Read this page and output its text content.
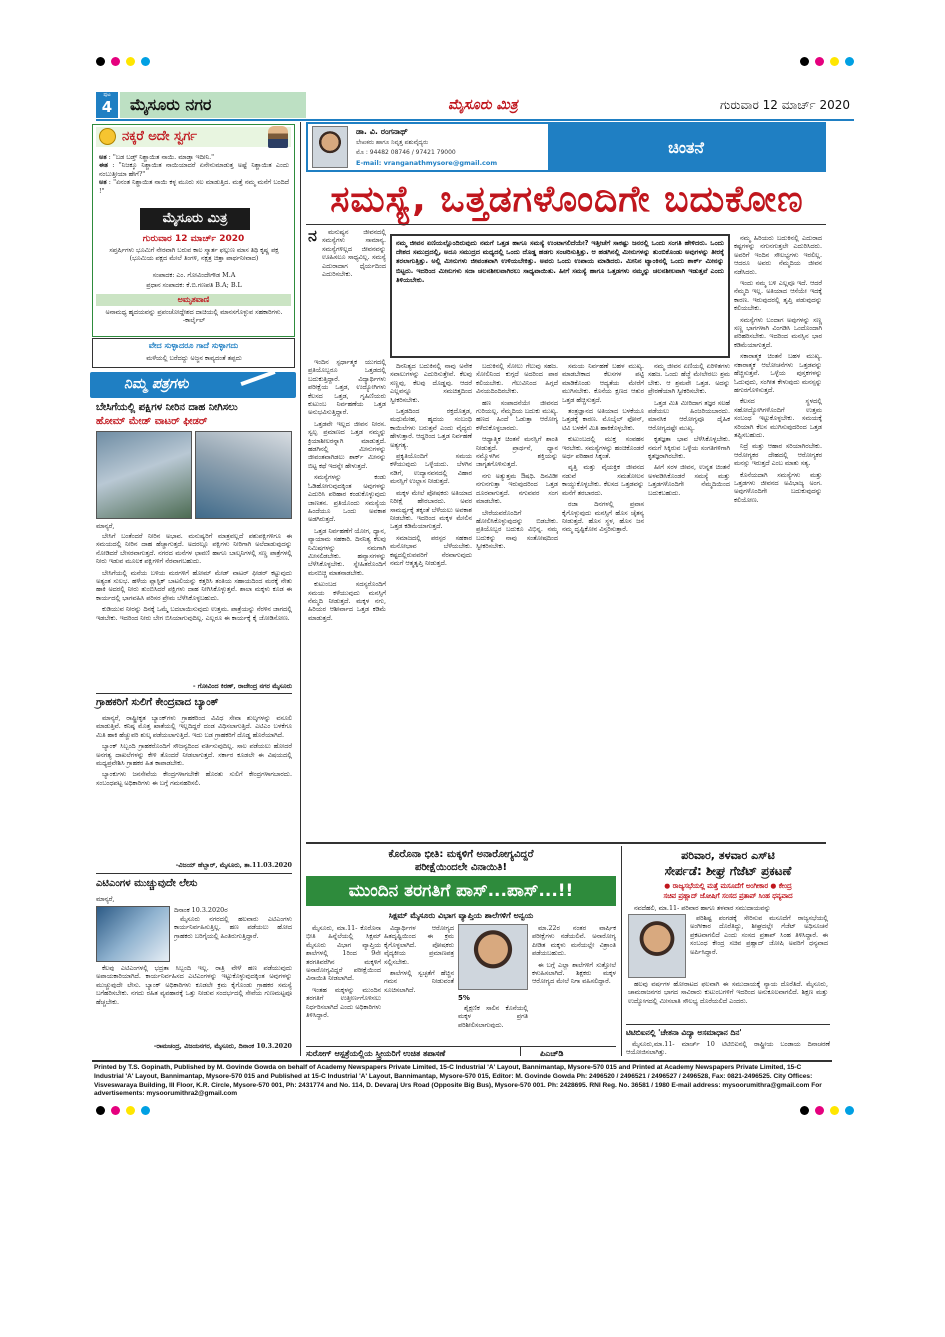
ಪುಟ
4	ಮೈಸೂರು ನಗರ	ಮೈಸೂರು ಮಿತ್ರ	ಗುರುವಾರ 12 ಮಾರ್ಚ್ 2020
ನಕ್ಕರೆ ಅದೇ ಸ್ವರ್ಗ
ಅತ : "ಬಡ ಬಡ್ತ್ ನಿಶ್ಚಾಯಿತ ನಾಯಿ. ಮಾಡ್ತಾ ಇದೀನಿ."
ಈತ : "ನಿಜಕ್ಕೂ ನಿಶ್ಚಾಯಿತ ನಾಯಿಯಾದರೆ ಏನೇನುಮಾಡುತ್ತ ಅಷ್ಟೆ ನಿಶ್ಚಾಯಿತ ಎಂದು ನಂಬುತ್ತೀಯಾ ಹೇಗೆ?"
ಅತ : "ಏನಂತ ನಿಶ್ಚಾಯಿತ ನಾಯಿ ಕಳ್ಳ ಮೂರು ಸಲ ಮಾಡುತ್ತಿದ. ಮತ್ತೆ ನಮ್ಮ ಮನೆಗೆ ಬಂದಿದೆ !"
ಮೈಸೂರು ಮಿತ್ರ
ಗುರುವಾರ 12 ಮಾರ್ಚ್ 2020
ಸಪ್ತರ್ಷಿಗಳು ಭೂಮಿಗೆ ನೇರವಾಗಿ ಬರುವ ಕಾಲ ಸ್ಮಾರ್ತ ಫಲ್ಗುಣ ಮಾಸ ತಿಥಿ ಕೃಷ್ಣ ಪಕ್ಷ
(ಭೂಮಿಯ ಪಕ್ಷದ ಮೇಲೆ ತಿಂಗಳಿ, ನಕ್ಷತ್ರ ಚಿತ್ತಾ ಪಾರ್ಥನೀವಾದ)
ಸಂಪಾದಕ: ಎಂ. ಗೋವಿಂದೇಗೌಡ M.A
ಪ್ರಧಾನ ಸಂಪಾದಕ: ಕೆ.ಬಿ.ಗಣಪತಿ B.A; B.L
ಅಮೃತವಾಣಿ
ಅನಾಮಧ್ಯ ಹೃದಯವನ್ನು ಪ್ರಪಂಚೋದ್ದೇಶದ ದಾಚಿಯಲ್ಲಿ ಮಾನಸಗೊಳ್ಳುವ ಸಹಕಾರಿಗಳು. -ಕಾರ್ಲೈಲ್
ವೇದ ಸುಳ್ಳಾದರೂ ಗಾದೆ ಸುಳ್ಳಾಗದು
ಮಳೆಯಲ್ಲಿ ಬರೆದದ್ದು ಅಜ್ಜನ ಕಾವ್ಯದಂತೆ ತಪ್ಪದು
ನಿಮ್ಮ ಪತ್ರಗಳು
ಬೇಸಿಗೆಯಲ್ಲಿ ಪಕ್ಷಿಗಳ ನೀರಿನ ದಾಹ ನೀಗಿಸಲು
ಹೋಮ್ ಮೇಡ್ ವಾಟರ್ ಫೀಡರ್
ಮಾನ್ಯರೆ,

ಬೇಸಿಗೆ ಬಂತೆಂದರೆ ನೀರಿನ ಅಭಾವ. ಮನುಷ್ಯರಿಗೆ ಮಾತ್ರವಲ್ಲದೆ ಪಶುಪಕ್ಷಿಗಳಿಗೂ ಈ ಸಮಯದಲ್ಲಿ ನೀರಿನ ದಾಹ ಹೆಚ್ಚಾಗುತ್ತದೆ. ಅದರಲ್ಲೂ ಪಕ್ಷಿಗಳು ನೀರಿಗಾಗಿ ಅಲೆದಾಡುವುದನ್ನು ನೋಡಿದರೆ ಬೇಸರವಾಗುತ್ತದೆ. ನಗರದ ಮನೆಗಳ ಛಾವಣಿ ಹಾಗೂ ಬಾಲ್ಕನಿಗಳಲ್ಲಿ ಸಣ್ಣ ಪಾತ್ರೆಗಳಲ್ಲಿ ನೀರು ಇಡುವ ಮೂಲಕ ಪಕ್ಷಿಗಳಿಗೆ ನೆರವಾಗಬಹುದು.

ಬೇಸಿಗೆಯಲ್ಲಿ ಮನೆಯ ಬಳಿಯ ಮರಗಳಿಗೆ ಹೋಮ್ ಮೇಡ್ ವಾಟರ್ ಫೀಡರ್ ಕಟ್ಟುವುದು ಅತ್ಯಂತ ಸುಲಭ. ಹಳೆಯ ಪ್ಲಾಸ್ಟಿಕ್ ಬಾಟಲಿಯನ್ನು ಕತ್ತರಿಸಿ ತಂತಿಯ ಸಹಾಯದಿಂದ ಮರಕ್ಕೆ ನೇತು ಹಾಕಿ ಅದರಲ್ಲಿ ನೀರು ತುಂಬಿಸಿದರೆ ಪಕ್ಷಿಗಳು ದಾಹ ನೀಗಿಸಿಕೊಳ್ಳುತ್ತವೆ. ಶಾಲಾ ಮಕ್ಕಳು ಕೂಡ ಈ ಕಾರ್ಯದಲ್ಲಿ ಭಾಗವಹಿಸಿ ಪರಿಸರ ಪ್ರೇಮ ಬೆಳೆಸಿಕೊಳ್ಳಬಹುದು.

ಕುಡಿಯುವ ನೀರನ್ನು ದಿನಕ್ಕೆ ಒಮ್ಮೆ ಬದಲಾಯಿಸುವುದು ಉತ್ತಮ. ಪಾತ್ರೆಯನ್ನು ನೆರಳಿನ ಜಾಗದಲ್ಲಿ ಇಡಬೇಕು. ಇದರಿಂದ ನೀರು ಬೇಗ ಬಿಸಿಯಾಗುವುದಿಲ್ಲ. ಎಲ್ಲರೂ ಈ ಕಾರ್ಯಕ್ಕೆ ಕೈ ಜೋಡಿಸೋಣ.

- ಗೋವಿಂದ ಕಿರಣ್, ರಾಜೇಂದ್ರ ನಗರ ಮೈಸೂರು
ಗ್ರಾಹಕರಿಗೆ ಸುಲಿಗೆ ಕೇಂದ್ರವಾದ ಬ್ಯಾಂಕ್

ಮಾನ್ಯರೆ, ರಾಷ್ಟ್ರೀಕೃತ ಬ್ಯಾಂಕ್‌ಗಳು ಗ್ರಾಹಕರಿಂದ ವಿವಿಧ ಸೇವಾ ಶುಲ್ಕಗಳನ್ನು ವಸೂಲಿ ಮಾಡುತ್ತಿವೆ. ಕನಿಷ್ಠ ಮೊತ್ತ ಖಾತೆಯಲ್ಲಿ ಇಲ್ಲದಿದ್ದರೆ ದಂಡ ವಿಧಿಸಲಾಗುತ್ತಿದೆ. ಎಟಿಎಂ ಬಳಕೆಗೂ ಮಿತಿ ಹಾಕಿ ಹೆಚ್ಚುವರಿ ಶುಲ್ಕ ಪಡೆಯಲಾಗುತ್ತಿದೆ. ಇದು ಬಡ ಗ್ರಾಹಕರಿಗೆ ದೊಡ್ಡ ಹೊರೆಯಾಗಿದೆ.

ಬ್ಯಾಂಕ್ ಸಿಬ್ಬಂದಿ ಗ್ರಾಹಕರೊಂದಿಗೆ ಸೌಜನ್ಯದಿಂದ ವರ್ತಿಸುವುದಿಲ್ಲ. ಸಾಲ ಪಡೆಯಲು ಹೋದರೆ ಅನಗತ್ಯ ದಾಖಲೆಗಳನ್ನು ಕೇಳಿ ತೊಂದರೆ ನೀಡಲಾಗುತ್ತದೆ. ಸರ್ಕಾರ ಕೂಡಲೇ ಈ ವಿಷಯದಲ್ಲಿ ಮಧ್ಯಪ್ರವೇಶಿಸಿ ಗ್ರಾಹಕರ ಹಿತ ಕಾಪಾಡಬೇಕು.

ಬ್ಯಾಂಕುಗಳು ಜನಸೇವೆಯ ಕೇಂದ್ರಗಳಾಗಬೇಕೇ ಹೊರತು ಸುಲಿಗೆ ಕೇಂದ್ರಗಳಾಗಬಾರದು. ಸಂಬಂಧಪಟ್ಟ ಅಧಿಕಾರಿಗಳು ಈ ಬಗ್ಗೆ ಗಮನಹರಿಸಲಿ.

-ವಿಜಯ್ ಹೆಬ್ಬಾರ್, ಮೈಸೂರು, ತಾ.11.03.2020
ಎಟಿಎಂಗಳ ಮುಚ್ಚುವುದೇ ಲೇಸು
ಮಾನ್ಯರೆ,
ದಿನಾಂಕ 10.3.2020ರ

ಮೈಸೂರು ನಗರದಲ್ಲಿ ಹಲವಾರು ಎಟಿಎಂಗಳು ಕಾರ್ಯನಿರ್ವಹಿಸುತ್ತಿಲ್ಲ. ಹಣ ಪಡೆಯಲು ಹೋದ ಗ್ರಾಹಕರು ಬರಿಗೈಯಲ್ಲಿ ಹಿಂತಿರುಗುತ್ತಿದ್ದಾರೆ.

ಕೆಲವು ಎಟಿಎಂಗಳಲ್ಲಿ ಭದ್ರತಾ ಸಿಬ್ಬಂದಿ ಇಲ್ಲ. ರಾತ್ರಿ ವೇಳೆ ಹಣ ಪಡೆಯುವುದು ಅಪಾಯಕಾರಿಯಾಗಿದೆ. ಕಾರ್ಯನಿರ್ವಹಿಸದ ಎಟಿಎಂಗಳನ್ನು ಇಟ್ಟುಕೊಳ್ಳುವುದಕ್ಕಿಂತ ಅವುಗಳನ್ನು ಮುಚ್ಚುವುದೇ ಲೇಸು. ಬ್ಯಾಂಕ್ ಅಧಿಕಾರಿಗಳು ಕೂಡಲೇ ಕ್ರಮ ಕೈಗೊಂಡು ಗ್ರಾಹಕರ ಸಮಸ್ಯೆ ಬಗೆಹರಿಸಬೇಕು. ನಗದು ರಹಿತ ವ್ಯವಹಾರಕ್ಕೆ ಒತ್ತು ನೀಡುವ ಸಂದರ್ಭದಲ್ಲಿ ಸೇವೆಯ ಗುಣಮಟ್ಟವೂ ಹೆಚ್ಚಬೇಕು.

-ರಾಮಚಂದ್ರ, ವಿಜಯನಗರ, ಮೈಸೂರು, ದಿನಾಂಕ 10.3.2020
ಡಾ. ವಿ. ರಂಗನಾಥ್
ಲೇಖಕರು ಹಾಗೂ ನಿವೃತ್ತ ಪಶುವೈದ್ಯರು
ಮೊ : 94482 08746 / 97421 79000
E-mail: vranganathmysore@gmail.com
ಚಿಂತನೆ
ಸಮಸ್ಯೆ, ಒತ್ತಡಗಳೊಂದಿಗೇ ಬದುಕೋಣ
ನ	ಮನುಷ್ಯನ ಜೀವನದಲ್ಲಿ ಸಮಸ್ಯೆಗಳು ಸಾಮಾನ್ಯ. ಸಮಸ್ಯೆಗಳಿಲ್ಲದ ಜೀವನವನ್ನು ಊಹಿಸಲೂ ಸಾಧ್ಯವಿಲ್ಲ. ಸಮಸ್ಯೆ ಎದುರಾದಾಗ ಧೈರ್ಯದಿಂದ ಎದುರಿಸಬೇಕು.

ಇಂದಿನ ಸ್ಪರ್ಧಾತ್ಮಕ ಯುಗದಲ್ಲಿ ಪ್ರತಿಯೊಬ್ಬರೂ ಒತ್ತಡದಲ್ಲಿ ಬದುಕುತ್ತಿದ್ದಾರೆ. ವಿದ್ಯಾರ್ಥಿಗಳು ಪರೀಕ್ಷೆಯ ಒತ್ತಡ, ಉದ್ಯೋಗಿಗಳು ಕೆಲಸದ ಒತ್ತಡ, ಗೃಹಿಣಿಯರು ಕುಟುಂಬ ನಿರ್ವಹಣೆಯ ಒತ್ತಡ ಅನುಭವಿಸುತ್ತಿದ್ದಾರೆ.

ಒತ್ತಡವೇ ಇಲ್ಲದ ಜೀವನ ನೀರಸ. ಸ್ವಲ್ಪ ಪ್ರಮಾಣದ ಒತ್ತಡ ನಮ್ಮನ್ನು ಕ್ರಿಯಾಶೀಲರನ್ನಾಗಿ ಮಾಡುತ್ತದೆ. ಹಡಗಿನಲ್ಲಿ ಮೀನುಗಳನ್ನು ಜೀವಂತವಾಗಿಡಲು ಶಾರ್ಕ್ ಮೀನನ್ನು ಬಿಟ್ಟ ಕಥೆ ಇದನ್ನೇ ಹೇಳುತ್ತದೆ.

ಸಮಸ್ಯೆಗಳನ್ನು ಕಂಡು ಓಡಿಹೋಗುವುದಕ್ಕಿಂತ ಅವುಗಳನ್ನು ಎದುರಿಸಿ ಪರಿಹಾರ ಕಂಡುಕೊಳ್ಳುವುದು ಜಾಣತನ. ಪ್ರತಿಯೊಂದು ಸಮಸ್ಯೆಯ ಹಿಂದೆಯೂ ಒಂದು ಅವಕಾಶ ಅಡಗಿರುತ್ತದೆ.

ಒತ್ತಡ ನಿರ್ವಹಣೆಗೆ ಯೋಗ, ಧ್ಯಾನ, ವ್ಯಾಯಾಮ ಸಹಕಾರಿ. ದಿನನಿತ್ಯ ಕೆಲವು ನಿಮಿಷಗಳನ್ನು ನಮಗಾಗಿ ಮೀಸಲಿಡಬೇಕು. ಹವ್ಯಾಸಗಳನ್ನು ಬೆಳೆಸಿಕೊಳ್ಳಬೇಕು. ಸ್ನೇಹಿತರೊಂದಿಗೆ ಮನಬಿಚ್ಚಿ ಮಾತನಾಡಬೇಕು.

ಕುಟುಂಬದ ಸದಸ್ಯರೊಂದಿಗೆ ಸಮಯ ಕಳೆಯುವುದು ಮನಸ್ಸಿಗೆ ನೆಮ್ಮದಿ ನೀಡುತ್ತದೆ. ಮಕ್ಕಳ ನಗು, ಹಿರಿಯರ ಆಶೀರ್ವಾದ ಒತ್ತಡ ಕಡಿಮೆ ಮಾಡುತ್ತದೆ.

ನಮ್ಮ ಜೀವನ ಏಣಿಯಲ್ಲೊಂದಿರುವುದು ನಮಗೆ ಒತ್ತಡ ಹಾಗೂ ಸಮಸ್ಯೆ ಉಂಟಾಗಲಿದೆಯೇ? ಇತ್ತೀಚೆಗೆ ಸಾಕಷ್ಟು ಜನರಲ್ಲಿ ಒಂದು ಸಂಗತಿ ಹೇಳಿದರು. ಒಂದು ದೇಶದ ಸಮುದ್ರದಲ್ಲಿ, ಅದೂ ಸಮುದ್ರದ ಮಧ್ಯದಲ್ಲಿ ಒಂದು ದೊಡ್ಡ ಹಡಗು ಸಂಚರಿಸುತ್ತಿತ್ತು. ಆ ಹಡಗಿನಲ್ಲಿ ಮೀನುಗಳನ್ನು ತುಂಬಿಕೊಂಡು ಅವುಗಳನ್ನು ತೀರಕ್ಕೆ ತರಲಾಗುತ್ತಿತ್ತು. ಅಲ್ಲಿ ಮೀನುಗಳು ಜೀವಂತವಾಗಿ ಉಳಿಯಬೇಕಿತ್ತು. ಅವರು ಒಂದು ಉಪಾಯ ಮಾಡಿದರು. ಮೀನಿನ ಟ್ಯಾಂಕಿನಲ್ಲಿ ಒಂದು ಶಾರ್ಕ್ ಮೀನನ್ನು ಬಿಟ್ಟರು. ಇದರಿಂದ ಮೀನುಗಳು ಸದಾ ಚಲನಶೀಲವಾಗಿರಲು ಸಾಧ್ಯವಾಯಿತು. ಹೀಗೆ ಸಮಸ್ಯೆ ಹಾಗೂ ಒತ್ತಡಗಳು ನಮ್ಮನ್ನು ಚಲನಶೀಲವಾಗಿ ಇಡುತ್ತವೆ ಎಂದು ತಿಳಿಯಬೇಕು.

ನಮ್ಮ ಹಿರಿಯರು ಬದುಕಿನಲ್ಲಿ ಎದುರಾದ ಕಷ್ಟಗಳನ್ನು ನಗುನಗುತ್ತಲೇ ಎದುರಿಸಿದರು. ಅವರಿಗೆ ಇಂದಿನ ಸೌಲಭ್ಯಗಳು ಇರಲಿಲ್ಲ. ಆದರೂ ಅವರು ನೆಮ್ಮದಿಯ ಜೀವನ ನಡೆಸಿದರು.

ಇಂದು ನಮ್ಮ ಬಳಿ ಎಲ್ಲವೂ ಇದೆ. ಆದರೆ ನೆಮ್ಮದಿ ಇಲ್ಲ. ಅತಿಯಾದ ಆಸೆಯೇ ಇದಕ್ಕೆ ಕಾರಣ. ಇರುವುದರಲ್ಲಿ ತೃಪ್ತಿ ಪಡುವುದನ್ನು ಕಲಿಯಬೇಕು.

ಸಮಸ್ಯೆಗಳು ಬಂದಾಗ ಅವುಗಳನ್ನು ಸಣ್ಣ ಸಣ್ಣ ಭಾಗಗಳಾಗಿ ವಿಂಗಡಿಸಿ ಒಂದೊಂದಾಗಿ ಪರಿಹರಿಸಬೇಕು. ಇದರಿಂದ ಮನಸ್ಸಿನ ಭಾರ ಕಡಿಮೆಯಾಗುತ್ತದೆ.

ಸಕಾರಾತ್ಮಕ ಚಿಂತನೆ ಬಹಳ ಮುಖ್ಯ. ನಕಾರಾತ್ಮಕ ಆಲೋಚನೆಗಳು ಒತ್ತಡವನ್ನು ಹೆಚ್ಚಿಸುತ್ತವೆ. ಒಳ್ಳೆಯ ಪುಸ್ತಕಗಳನ್ನು ಓದುವುದು, ಸಂಗೀತ ಕೇಳುವುದು ಮನಸ್ಸನ್ನು ಹಗುರಗೊಳಿಸುತ್ತದೆ.

ಕೆಲಸದ ಸ್ಥಳದಲ್ಲಿ ಸಹೋದ್ಯೋಗಿಗಳೊಂದಿಗೆ ಉತ್ತಮ ಸಂಬಂಧ ಇಟ್ಟುಕೊಳ್ಳಬೇಕು. ಸಮಯಕ್ಕೆ ಸರಿಯಾಗಿ ಕೆಲಸ ಮುಗಿಸುವುದರಿಂದ ಒತ್ತಡ ತಪ್ಪಿಸಬಹುದು.

ನಿದ್ರೆ ಮತ್ತು ಆಹಾರ ಸರಿಯಾಗಿರಬೇಕು. ಆರೋಗ್ಯಕರ ದೇಹದಲ್ಲಿ ಆರೋಗ್ಯಕರ ಮನಸ್ಸು ಇರುತ್ತದೆ ಎಂಬ ಮಾತು ಸತ್ಯ.

ಕೊನೆಯದಾಗಿ ಸಮಸ್ಯೆಗಳು ಮತ್ತು ಒತ್ತಡಗಳು ಜೀವನದ ಅವಿಭಾಜ್ಯ ಅಂಗ. ಅವುಗಳೊಂದಿಗೇ ಬದುಕುವುದನ್ನು ಕಲಿಯೋಣ.

ದಿನನಿತ್ಯದ ಬದುಕಿನಲ್ಲಿ ನಾವು ಅನೇಕ ಸವಾಲುಗಳನ್ನು ಎದುರಿಸುತ್ತೇವೆ. ಕೆಲವು ಸಣ್ಣವು, ಕೆಲವು ದೊಡ್ಡವು. ಆದರೆ ಎಲ್ಲವನ್ನೂ ಸಮಚಿತ್ತದಿಂದ ಸ್ವೀಕರಿಸಬೇಕು.

ಒತ್ತಡದಿಂದ ರಕ್ತದೊತ್ತಡ, ಮಧುಮೇಹ, ಹೃದಯ ಸಂಬಂಧಿ ಕಾಯಿಲೆಗಳು ಬರುತ್ತವೆ ಎಂದು ವೈದ್ಯರು ಹೇಳುತ್ತಾರೆ. ಆದ್ದರಿಂದ ಒತ್ತಡ ನಿರ್ವಹಣೆ ಅತ್ಯಗತ್ಯ.

ಪ್ರಕೃತಿಯೊಂದಿಗೆ ಸಮಯ ಕಳೆಯುವುದು ಒಳ್ಳೆಯದು. ಬೆಳಗಿನ ನಡಿಗೆ, ಉದ್ಯಾನವನದಲ್ಲಿ ವಿಹಾರ ಮನಸ್ಸಿಗೆ ಉಲ್ಲಾಸ ನೀಡುತ್ತದೆ.

ಮಕ್ಕಳ ಮೇಲೆ ಪೋಷಕರು ಅತಿಯಾದ ನಿರೀಕ್ಷೆ ಹೇರಬಾರದು. ಅವರ ಸಾಮರ್ಥ್ಯಕ್ಕೆ ತಕ್ಕಂತೆ ಬೆಳೆಯಲು ಅವಕಾಶ ನೀಡಬೇಕು. ಇದರಿಂದ ಮಕ್ಕಳ ಮೇಲಿನ ಒತ್ತಡ ಕಡಿಮೆಯಾಗುತ್ತದೆ.

ಸಮಾಜದಲ್ಲಿ ಪರಸ್ಪರ ಸಹಕಾರ ಮನೋಭಾವ ಬೆಳೆಯಬೇಕು. ಕಷ್ಟದಲ್ಲಿರುವವರಿಗೆ ನೆರವಾಗುವುದು ನಮಗೆ ಆತ್ಮತೃಪ್ತಿ ನೀಡುತ್ತದೆ.

ಬದುಕಿನಲ್ಲಿ ಸೋಲು ಗೆಲುವು ಸಹಜ. ಸೋಲಿನಿಂದ ಕುಗ್ಗದೆ ಅದರಿಂದ ಪಾಠ ಕಲಿಯಬೇಕು. ಗೆಲುವಿನಿಂದ ಹಿಗ್ಗದೆ ವಿನಯದಿಂದಿರಬೇಕು.

ಹಣ ಸಂಪಾದನೆಯೇ ಜೀವನದ ಗುರಿಯಲ್ಲ. ನೆಮ್ಮದಿಯ ಬದುಕು ಮುಖ್ಯ. ಹಣದ ಹಿಂದೆ ಓಡುತ್ತಾ ಆರೋಗ್ಯ ಕಳೆದುಕೊಳ್ಳಬಾರದು.

ಆಧ್ಯಾತ್ಮಿಕ ಚಿಂತನೆ ಮನಸ್ಸಿಗೆ ಶಾಂತಿ ನೀಡುತ್ತದೆ. ಪ್ರಾರ್ಥನೆ, ಧ್ಯಾನ ನಮ್ಮೊಳಗಿನ ಶಕ್ತಿಯನ್ನು ಜಾಗೃತಗೊಳಿಸುತ್ತದೆ.

ನಗು ಅತ್ಯುತ್ತಮ ಔಷಧಿ. ದಿನವಿಡೀ ನಗುನಗುತ್ತಾ ಇರುವುದರಿಂದ ಒತ್ತಡ ದೂರವಾಗುತ್ತದೆ. ನಗುವವರ ಸಂಗ ಮಾಡಬೇಕು.

ಬೇರೆಯವರೊಂದಿಗೆ ಹೋಲಿಸಿಕೊಳ್ಳುವುದನ್ನು ಬಿಡಬೇಕು. ಪ್ರತಿಯೊಬ್ಬರ ಬದುಕೂ ವಿಭಿನ್ನ. ನಮ್ಮ ಬದುಕನ್ನು ನಾವು ಸಂತೋಷದಿಂದ ಸ್ವೀಕರಿಸಬೇಕು.

ಸಮಯ ನಿರ್ವಹಣೆ ಬಹಳ ಮುಖ್ಯ. ಮಾಡಬೇಕಾದ ಕೆಲಸಗಳ ಪಟ್ಟಿ ಮಾಡಿಕೊಂಡು ಆದ್ಯತೆಯ ಮೇರೆಗೆ ಮುಗಿಸಬೇಕು. ಕೊನೆಯ ಕ್ಷಣದ ಆತುರ ಒತ್ತಡ ಹೆಚ್ಚಿಸುತ್ತದೆ.

ತಂತ್ರಜ್ಞಾನದ ಅತಿಯಾದ ಬಳಕೆಯೂ ಒತ್ತಡಕ್ಕೆ ಕಾರಣ. ಮೊಬೈಲ್ ಫೋನ್, ಟಿವಿ ಬಳಕೆಗೆ ಮಿತಿ ಹಾಕಿಕೊಳ್ಳಬೇಕು.

ಕುಟುಂಬದಲ್ಲಿ ಮುಕ್ತ ಸಂವಹನ ಇರಬೇಕು. ಸಮಸ್ಯೆಗಳನ್ನು ಹಂಚಿಕೊಂಡರೆ ಅರ್ಧ ಪರಿಹಾರ ಸಿಕ್ಕಂತೆ.

ವೃತ್ತಿ ಮತ್ತು ವೈಯಕ್ತಿಕ ಜೀವನದ ನಡುವೆ ಸಮತೋಲನ ಕಾಯ್ದುಕೊಳ್ಳಬೇಕು. ಕೆಲಸದ ಒತ್ತಡವನ್ನು ಮನೆಗೆ ತರಬಾರದು.

ರಜಾ ದಿನಗಳಲ್ಲಿ ಪ್ರವಾಸ ಕೈಗೊಳ್ಳುವುದು ಮನಸ್ಸಿಗೆ ಹೊಸ ಚೈತನ್ಯ ನೀಡುತ್ತದೆ. ಹೊಸ ಸ್ಥಳ, ಹೊಸ ಜನ ನಮ್ಮ ದೃಷ್ಟಿಕೋನ ವಿಸ್ತರಿಸುತ್ತಾರೆ.

ನಮ್ಮ ಜೀವನ ಏಣಿಯಲ್ಲಿ ಏರಿಳಿತಗಳು ಸಹಜ. ಒಂದು ಹೆಜ್ಜೆ ಮೇಲೇರಲು ಶ್ರಮ ಬೇಕು. ಆ ಶ್ರಮವೇ ಒತ್ತಡ. ಅದನ್ನು ಪ್ರೇರಣೆಯಾಗಿ ಸ್ವೀಕರಿಸಬೇಕು.

ಒತ್ತಡ ಮಿತಿ ಮೀರಿದಾಗ ತಜ್ಞರ ಸಲಹೆ ಪಡೆಯಲು ಹಿಂಜರಿಯಬಾರದು. ಮಾನಸಿಕ ಆರೋಗ್ಯವೂ ದೈಹಿಕ ಆರೋಗ್ಯದಷ್ಟೇ ಮುಖ್ಯ.

ಕೃತಜ್ಞತಾ ಭಾವ ಬೆಳೆಸಿಕೊಳ್ಳಬೇಕು. ನಮಗೆ ಸಿಕ್ಕಿರುವ ಒಳ್ಳೆಯ ಸಂಗತಿಗಳಿಗಾಗಿ ಕೃತಜ್ಞರಾಗಿರಬೇಕು.

ಹೀಗೆ ಸರಳ ಜೀವನ, ಉನ್ನತ ಚಿಂತನೆ ಅಳವಡಿಸಿಕೊಂಡರೆ ಸಮಸ್ಯೆ ಮತ್ತು ಒತ್ತಡಗಳೊಂದಿಗೇ ನೆಮ್ಮದಿಯಿಂದ ಬದುಕಬಹುದು.

ಕೊರೊನಾ ಭೀತಿ: ಮಕ್ಕಳಿಗೆ ಅನಾರೋಗ್ಯವಿದ್ದರೆ
ಪರೀಕ್ಷೆಯಿಂದಲೇ ವಿನಾಯಿತಿ!
ಮುಂದಿನ ತರಗತಿಗೆ ಪಾಸ್...ಪಾಸ್...!!
ಸಿಕ್ಷಮ್ ಮೈಸೂರು ವಿಭಾಗ ವ್ಯಾಪ್ತಿಯ ಶಾಲೆಗಳಿಗೆ ಅನ್ವಯ

ಮೈಸೂರು, ಮಾ.11- ಕೊರೊನಾ ಭೀತಿ ಹಿನ್ನೆಲೆಯಲ್ಲಿ ಸಿಕ್ಷಮ್ ಮೈಸೂರು ವಿಭಾಗ ವ್ಯಾಪ್ತಿಯ ಶಾಲೆಗಳಲ್ಲಿ 1ರಿಂದ 9ನೇ ತರಗತಿವರೆಗಿನ ಮಕ್ಕಳಿಗೆ ಅನಾರೋಗ್ಯವಿದ್ದರೆ ಪರೀಕ್ಷೆಯಿಂದ ವಿನಾಯಿತಿ ನೀಡಲಾಗಿದೆ.

ಇಂತಹ ಮಕ್ಕಳನ್ನು ಮುಂದಿನ ತರಗತಿಗೆ ಉತ್ತೀರ್ಣಗೊಳಿಸಲು ನಿರ್ಧರಿಸಲಾಗಿದೆ ಎಂದು ಅಧಿಕಾರಿಗಳು ತಿಳಿಸಿದ್ದಾರೆ.

ವಿದ್ಯಾರ್ಥಿಗಳ ಆರೋಗ್ಯದ ಹಿತದೃಷ್ಟಿಯಿಂದ ಈ ಕ್ರಮ ಕೈಗೊಳ್ಳಲಾಗಿದೆ. ಪೋಷಕರು ವೈದ್ಯಕೀಯ ಪ್ರಮಾಣಪತ್ರ ಸಲ್ಲಿಸಬೇಕು.

ಶಾಲೆಗಳಲ್ಲಿ ಸ್ವಚ್ಛತೆಗೆ ಹೆಚ್ಚಿನ ಗಮನ ನೀಡುವಂತೆ ಸೂಚಿಸಲಾಗಿದೆ.

5%

ಶೈಕ್ಷಣಿಕ ಸಾಲಿನ ಕೊನೆಯಲ್ಲಿ ಮಕ್ಕಳ ಪ್ರಗತಿ ಪರಿಶೀಲಿಸಲಾಗುವುದು.

ಮಾ.22ರ ನಂತರ ವಾರ್ಷಿಕ ಪರೀಕ್ಷೆಗಳು ನಡೆಯಲಿವೆ. ಅನಾರೋಗ್ಯ ಪೀಡಿತ ಮಕ್ಕಳು ಮನೆಯಲ್ಲೇ ವಿಶ್ರಾಂತಿ ಪಡೆಯಬಹುದು.

ಈ ಬಗ್ಗೆ ಎಲ್ಲಾ ಶಾಲೆಗಳಿಗೆ ಸುತ್ತೋಲೆ ಕಳುಹಿಸಲಾಗಿದೆ. ಶಿಕ್ಷಕರು ಮಕ್ಕಳ ಆರೋಗ್ಯದ ಮೇಲೆ ನಿಗಾ ವಹಿಸಲಿದ್ದಾರೆ.

ಸುರೋಗ್ ಆಸ್ಪತ್ರೆಯಲ್ಲಿಯ ಸ್ತ್ರೀಯರಿಗೆ ಉಚಿತ ತಪಾಸಣೆ	ಪಿಎಚ್‌ಡಿ
ಪರಿವಾರ, ತಳವಾರ ಎಸ್‌ಟಿ
ಸೇರ್ಪಡೆ: ಶೀಘ್ರ ಗೆಜೆಟ್ ಪ್ರಕಟಣೆ
● ರಾಜ್ಯಸಭೆಯಲ್ಲಿ ಮತ್ತೆ ಮಸೂದೆಗೆ ಅಂಗೀಕಾರ ● ಕೇಂದ್ರ
ಸಚಿವ ಪ್ರಹ್ಲಾದ್ ಜೋಷಿಗೆ ಸಂಸದ ಪ್ರತಾಪ್ ಸಿಂಹ ಧನ್ಯವಾದ

ನವದೆಹಲಿ, ಮಾ.11- ಪರಿವಾರ ಹಾಗೂ ತಳವಾರ ಸಮುದಾಯವನ್ನು

ಪರಿಶಿಷ್ಟ ಪಂಗಡಕ್ಕೆ ಸೇರಿಸುವ ಮಸೂದೆಗೆ ರಾಜ್ಯಸಭೆಯಲ್ಲಿ ಅಂಗೀಕಾರ ದೊರೆತಿದ್ದು, ಶೀಘ್ರದಲ್ಲೇ ಗೆಜೆಟ್ ಅಧಿಸೂಚನೆ ಪ್ರಕಟವಾಗಲಿದೆ ಎಂದು ಸಂಸದ ಪ್ರತಾಪ್ ಸಿಂಹ ತಿಳಿಸಿದ್ದಾರೆ. ಈ ಸಂಬಂಧ ಕೇಂದ್ರ ಸಚಿವ ಪ್ರಹ್ಲಾದ್ ಜೋಷಿ ಅವರಿಗೆ ಧನ್ಯವಾದ ಅರ್ಪಿಸಿದ್ದಾರೆ.

ಹಲವು ವರ್ಷಗಳ ಹೋರಾಟದ ಫಲವಾಗಿ ಈ ಸಮುದಾಯಕ್ಕೆ ನ್ಯಾಯ ದೊರೆತಿದೆ. ಮೈಸೂರು, ಚಾಮರಾಜನಗರ ಭಾಗದ ಸಾವಿರಾರು ಕುಟುಂಬಗಳಿಗೆ ಇದರಿಂದ ಅನುಕೂಲವಾಗಲಿದೆ. ಶಿಕ್ಷಣ ಮತ್ತು ಉದ್ಯೋಗದಲ್ಲಿ ಮೀಸಲಾತಿ ಸೌಲಭ್ಯ ದೊರೆಯಲಿದೆ ಎಂದರು.

ಟಿಟಿಬಿಐನಲ್ಲಿ 'ಚೇತನಾ ವಿದ್ಯಾ ಅಸಮಾಧಾನ ದಿನ'

ಮೈಸೂರು,ಮಾ.11- ಮಾರ್ಚ್ 10 ಟಿಟಿಬಿಐನಲ್ಲಿ ರಾಷ್ಟ್ರೀಯ ಬಂಡಾಯ ದಿನಾಚರಣೆ ಆಯೋಜಿಸಲಾಗಿತ್ತು.

Printed by T.S. Gopinath, Published by M. Govinde Gowda on behalf of Academy Newspapers Private Limited, 15-C Industrial 'A' Layout, Bannimantap, Mysore-570 015 and Printed at Academy Newspapers Private Limited, 15-C Industrial 'A' Layout, Bannimantap, Mysore-570 015 and Published at 15-C Industrial 'A' Layout, Bannimantap, Mysore-570 015, Editor: M. Govinde Gowda Ph: 2496520 / 2496521 / 2496527 / 2496528, Fax: 0821-2496525. City Offices: Visveswaraya Building, III Floor, K.R. Circle, Mysore-570 001, Ph: 2431774 and No. 114, D. Devaraj Urs Road (Opposite Big Bus), Mysore-570 001. Ph: 2428695. RNI Reg. No. 36581 / 1980 E-mail address: mysoorumithra@gmail.com For advertisements: mysoorumithra2@gmail.com
